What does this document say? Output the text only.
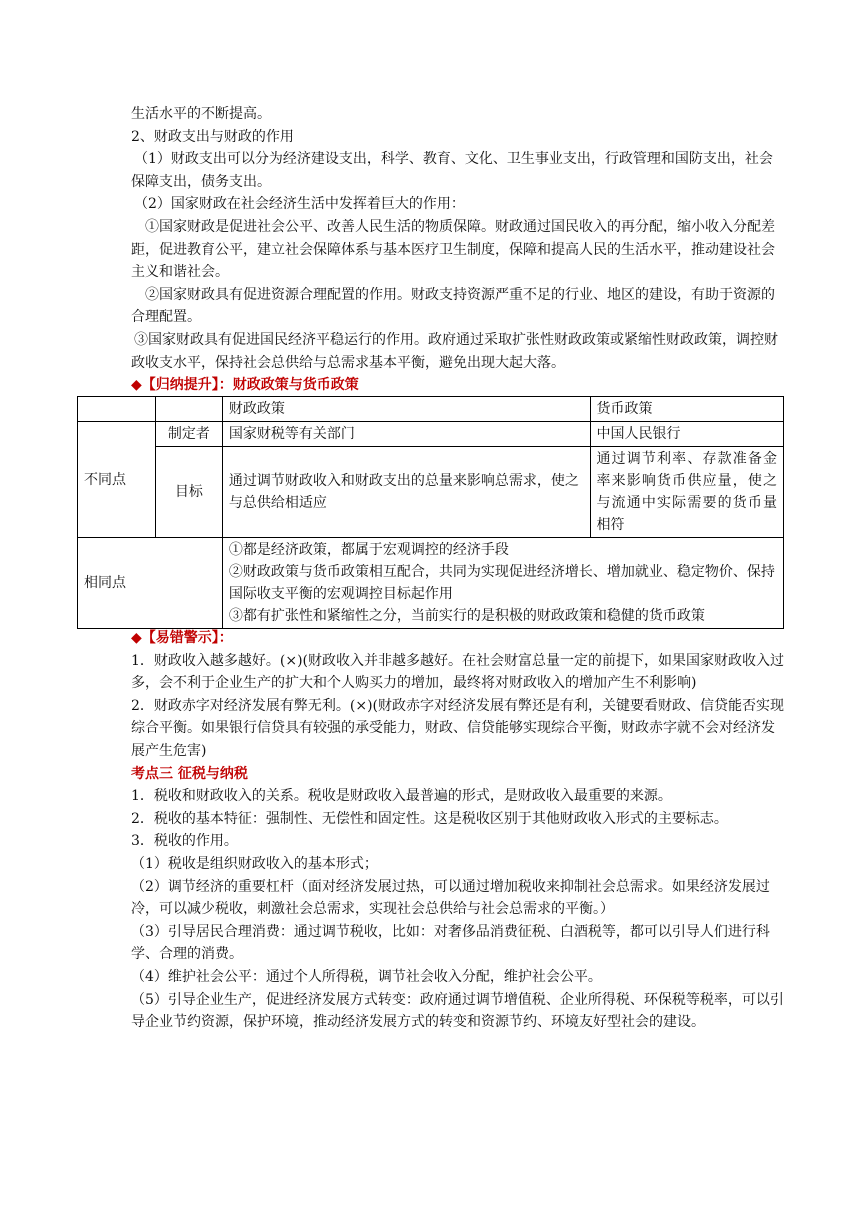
生活水平的不断提高。

2、财政支出与财政的作用

（1）财政支出可以分为经济建设支出，科学、教育、文化、卫生事业支出，行政管理和国防支出，社会保障支出，债务支出。

（2）国家财政在社会经济生活中发挥着巨大的作用：

①国家财政是促进社会公平、改善人民生活的物质保障。财政通过国民收入的再分配，缩小收入分配差距，促进教育公平，建立社会保障体系与基本医疗卫生制度，保障和提高人民的生活水平，推动建设社会主义和谐社会。

②国家财政具有促进资源合理配置的作用。财政支持资源严重不足的行业、地区的建设，有助于资源的合理配置。

③国家财政具有促进国民经济平稳运行的作用。政府通过采取扩张性财政政策或紧缩性财政政策，调控财政收支水平，保持社会总供给与总需求基本平衡，避免出现大起大落。

◆【归纳提升】：财政政策与货币政策

		财政政策	货币政策
不同点	制定者	国家财税等有关部门	中国人民银行
	目标	通过调节财政收入和财政支出的总量来影响总需求，使之与总供给相适应	通过调节利率、存款准备金率来影响货币供应量，使之与流通中实际需要的货币量相符
相同点		①都是经济政策，都属于宏观调控的经济手段
②财政政策与货币政策相互配合，共同为实现促进经济增长、增加就业、稳定物价、保持国际收支平衡的宏观调控目标起作用
③都有扩张性和紧缩性之分，当前实行的是积极的财政政策和稳健的货币政策	

◆【易错警示】：

1．财政收入越多越好。(×)(财政收入并非越多越好。在社会财富总量一定的前提下，如果国家财政收入过多，会不利于企业生产的扩大和个人购买力的增加，最终将对财政收入的增加产生不利影响)

2．财政赤字对经济发展有弊无利。(×)(财政赤字对经济发展有弊还是有利，关键要看财政、信贷能否实现综合平衡。如果银行信贷具有较强的承受能力，财政、信贷能够实现综合平衡，财政赤字就不会对经济发展产生危害)

考点三 征税与纳税

1．税收和财政收入的关系。税收是财政收入最普遍的形式，是财政收入最重要的来源。

2．税收的基本特征：强制性、无偿性和固定性。这是税收区别于其他财政收入形式的主要标志。

3．税收的作用。

（1）税收是组织财政收入的基本形式；

（2）调节经济的重要杠杆（面对经济发展过热，可以通过增加税收来抑制社会总需求。如果经济发展过冷，可以减少税收，刺激社会总需求，实现社会总供给与社会总需求的平衡。）

（3）引导居民合理消费：通过调节税收，比如：对奢侈品消费征税、白酒税等，都可以引导人们进行科学、合理的消费。

（4）维护社会公平：通过个人所得税，调节社会收入分配，维护社会公平。

（5）引导企业生产，促进经济发展方式转变：政府通过调节增值税、企业所得税、环保税等税率，可以引导企业节约资源，保护环境，推动经济发展方式的转变和资源节约、环境友好型社会的建设。
